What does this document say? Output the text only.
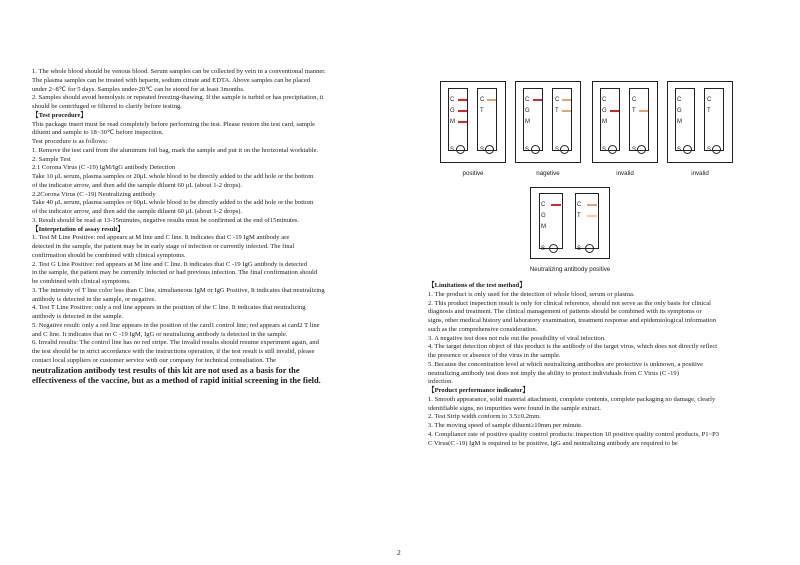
1. The whole blood should be venous blood. Serum samples can be collected by vein in a conventional manner.

The plasma samples can be treated with heparin, sodium citrate and EDTA. Above samples can be placed

under 2~8℃ for 5 days. Samples under-20℃ can be stored for at least 3months.

2. Samples should avoid hemolysis or repeated freezing-thawing. If the sample is turbid or has precipitation, it

should be centrifuged or filtered to clarify before testing.

【Test procedure】

This package insert must be read completely before performing the test. Please restore the test card, sample

diluent and sample to 18~30℃ before inspection.

Test procedure is as follows:

1. Remove the test card from the aluminum foil bag, mark the sample and put it on the horizontal worktable.

2. Sample Test

2.1 Corona Virus (C -19) IgM/IgG antibody Detection

Take 10 μL serum, plasma samples or 20μL whole blood to be directly added to the add hole or the bottom

of the indicator arrow, and then add the sample diluent 60 μL (about 1-2 drops).

2.2Corona Virus (C -19) Neutralizing antibody

Take 40 μL serum, plasma samples or 60μL whole blood to be directly added to the add hole or the bottom

of the indicator arrow, and then add the sample diluent 60 μL (about 1-2 drops).

3. Result should be read at 13-15minutes, negative results must be confirmed at the end of15minutes.

【Interpetation of assay result】

1. Test M Line Positive: red appears at M line and C line. It indicates that C -19 IgM antibody are

detected in the sample, the patient may be in early stage of infection or currently infected. The final

confirmation should be combined with clinical symptoms.

2. Test G Line Positive: red appears at M line and C line. It indicates that C -19 IgG antibody is detected

in the sample, the patient may be currently infected or had previous infection. The final confirmation should

be combined with clinical symptoms.

3. The intensity of T line color less than C line, simultaneous IgM or IgG Positive, It indicates that neutralizing

antibody is detected in the sample, or negative.

4. Test T Line Positive: only a red line appears in the position of the C line. It indicates that neutralizing

antibody is detected in the sample.

5. Negative result: only a red line appears in the position of the card1 control line; red appears at card2 T line

and C line. It indicates that no C -19 IgM, IgG or neutralizing antibody is detected in the sample.

6. Invalid results: The control line has no red stripe. The invalid results should resume experiment again, and

the test should be in strict accordance with the instructions operation, if the test result is still invalid, please

contact local suppliers or customer service with our company for technical consultation. The

neutralization antibody test results of this kit are not used as a basis for the

effectiveness of the vaccine, but as a method of rapid initial screening in the field.

【Limitations of the test method】

1. The product is only used for the detection of whole blood, serum or plasma.

2. This product inspection result is only for clinical reference, should not serve as the only basis for clinical

diagnosis and treatment. The clinical management of patients should be combined with its symptoms or

signs, other medical history and laboratory examination, treatment response and epidemiological information

such as the comprehensive consideration.

3. A negative test does not rule out the possibility of viral infection.

4. The target detection object of this product is the antibody of the target virus, which does not directly reflect

the presence or absence of the virus in the sample.

5. Because the concentration level at which neutralizing antibodies are protective is unknown, a positive

neutralizing antibody test does not imply the ability to protect individuals from C Virus (C -19)

infection.

【Product performance indicator】

1. Smooth appearance, solid material attachment, complete contents, complete packaging no damage, clearly

identifiable signs, no impurities were found in the sample extract.

2. Test Strip width conform to 3.5±0.2mm.

3. The moving speed of sample diluent≥10mm per minute.

4. Compliance rate of positive quality control products: inspection 10 positive quality control products, P1~P3

C Virus(C -19) IgM is required to be positive, IgG and neutralizing antibody are required to be

C
G
M
S
C
T
S
positive
C
G
M
S
C
T
S
nagetive
C
G
M
S
C
T
S
invalid
C
G
M
S
C
T
S
invalid
C
G
M
S
C
T
S
Neutralizing antibody positive
2
